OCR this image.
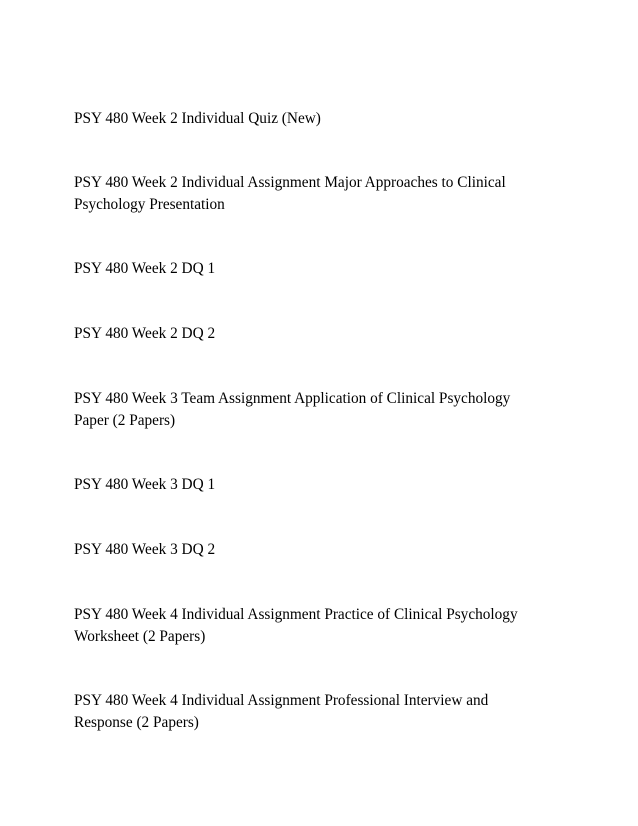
PSY 480 Week 2 Individual Quiz (New)

PSY 480 Week 2 Individual Assignment Major Approaches to Clinical
Psychology Presentation

PSY 480 Week 2 DQ 1

PSY 480 Week 2 DQ 2

PSY 480 Week 3 Team Assignment Application of Clinical Psychology
Paper (2 Papers)

PSY 480 Week 3 DQ 1

PSY 480 Week 3 DQ 2

PSY 480 Week 4 Individual Assignment Practice of Clinical Psychology
Worksheet (2 Papers)

PSY 480 Week 4 Individual Assignment Professional Interview and
Response (2 Papers)
